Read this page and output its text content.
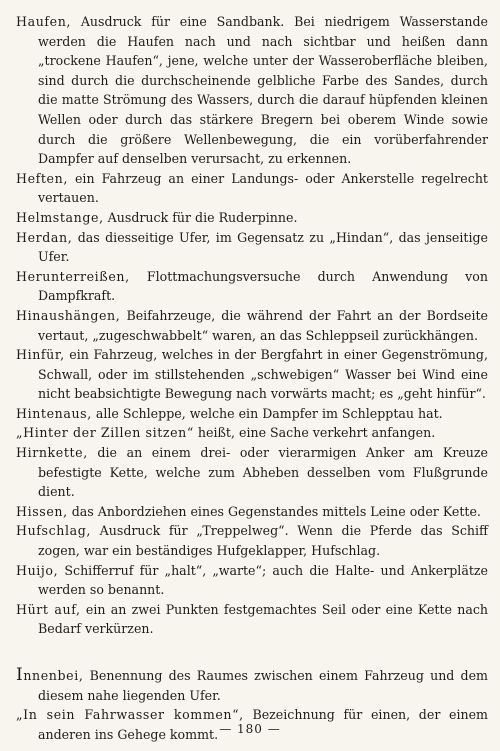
Haufen, Ausdruck für eine Sandbank. Bei niedrigem Wasserstande werden die Haufen nach und nach sichtbar und heißen dann „trockene Haufen“, jene, welche unter der Wasseroberfläche bleiben, sind durch die durchscheinende gelbliche Farbe des Sandes, durch die matte Strömung des Wassers, durch die darauf hüpfenden kleinen Wellen oder durch das stärkere Bregern bei oberem Winde sowie durch die größere Wellenbewegung, die ein vorüberfahrender Dampfer auf denselben verursacht, zu erkennen.

Heften, ein Fahrzeug an einer Landungs- oder Ankerstelle regelrecht vertauen.

Helmstange, Ausdruck für die Ruderpinne.

Herdan, das diesseitige Ufer, im Gegensatz zu „Hindan“, das jenseitige Ufer.

Herunterreißen, Flottmachungsversuche durch Anwendung von Dampfkraft.

Hinaushängen, Beifahrzeuge, die während der Fahrt an der Bordseite vertaut, „zugeschwabbelt“ waren, an das Schleppseil zurückhängen.

Hinfür, ein Fahrzeug, welches in der Bergfahrt in einer Gegenströmung, Schwall, oder im stillstehenden „schwebigen“ Wasser bei Wind eine nicht beabsichtigte Bewegung nach vorwärts macht; es „geht hinfür“.

Hintenaus, alle Schleppe, welche ein Dampfer im Schlepptau hat.

„Hinter der Zillen sitzen“ heißt, eine Sache verkehrt anfangen.

Hirnkette, die an einem drei- oder vierarmigen Anker am Kreuze befestigte Kette, welche zum Abheben desselben vom Flußgrunde dient.

Hissen, das Anbordziehen eines Gegenstandes mittels Leine oder Kette.

Hufschlag, Ausdruck für „Treppelweg“. Wenn die Pferde das Schiff zogen, war ein beständiges Hufgeklapper, Hufschlag.

Huijo, Schifferruf für „halt“, „warte“; auch die Halte- und Ankerplätze werden so benannt.

Hürt auf, ein an zwei Punkten festgemachtes Seil oder eine Kette nach Bedarf verkürzen.

Innenbei, Benennung des Raumes zwischen einem Fahrzeug und dem diesem nahe liegenden Ufer.

„In sein Fahrwasser kommen“, Bezeichnung für einen, der einem anderen ins Gehege kommt. — 180 —
